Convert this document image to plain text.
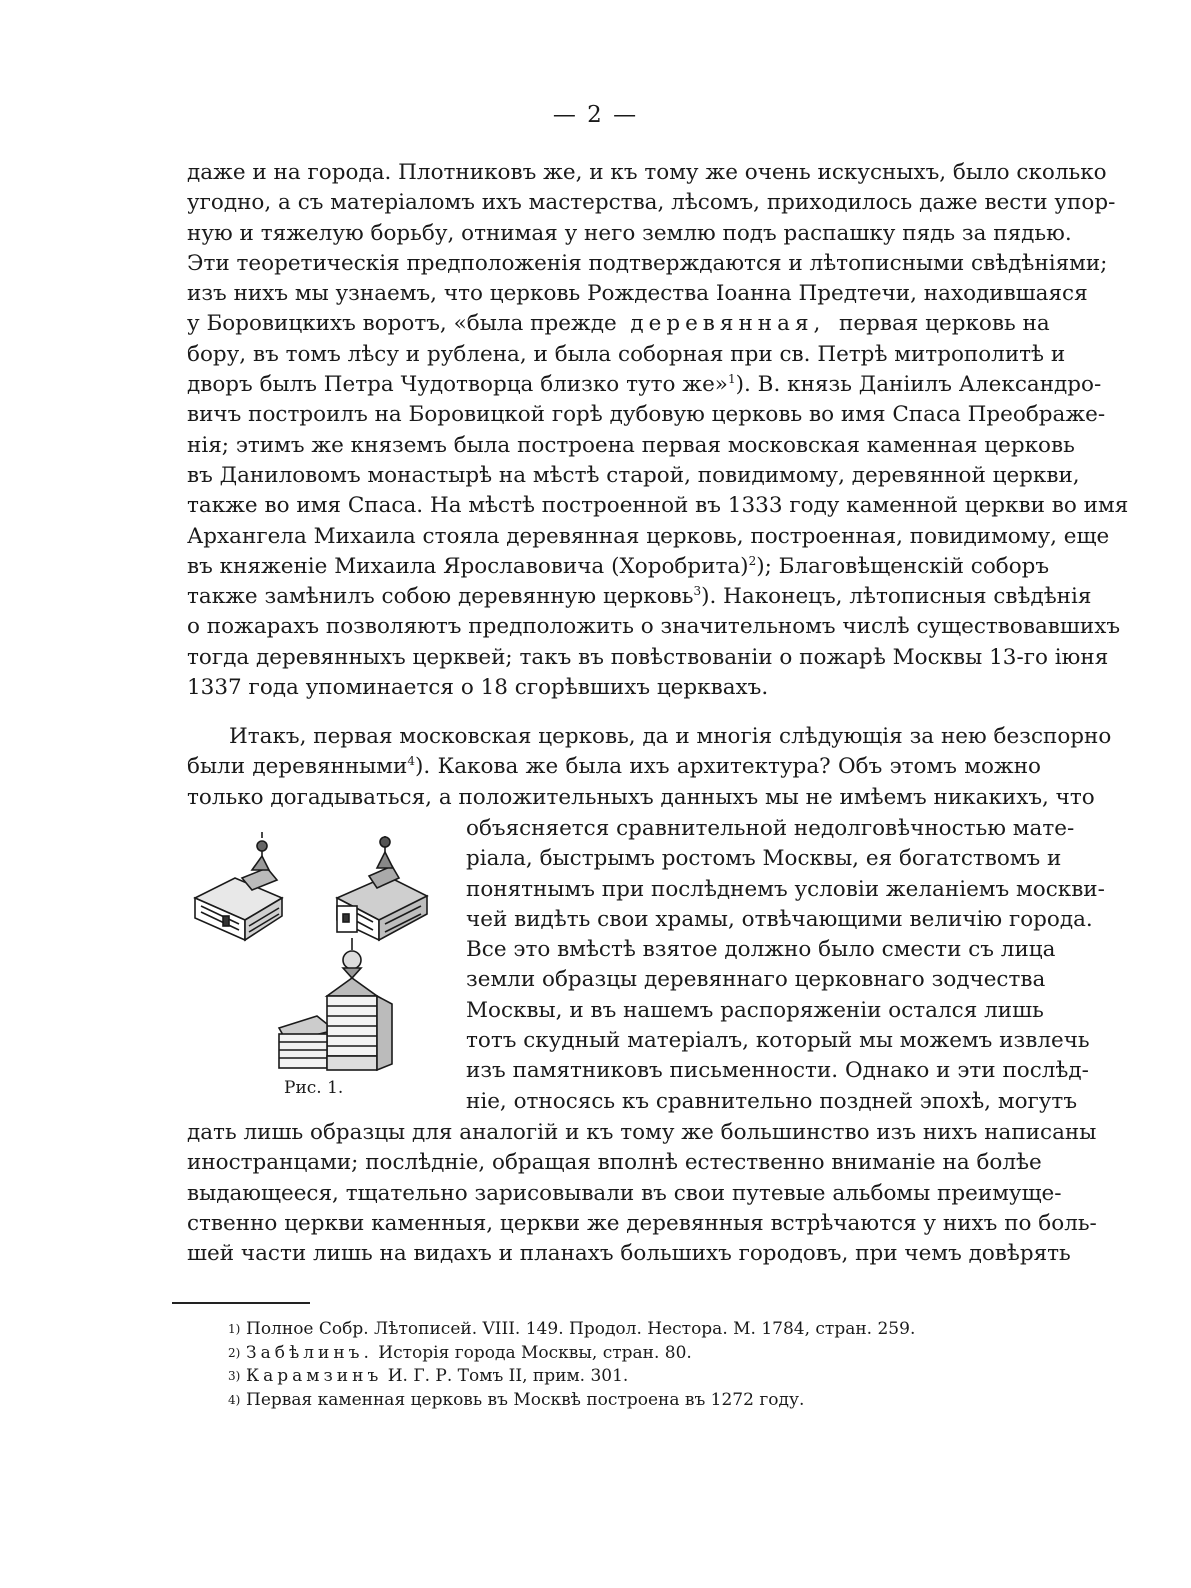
— 2 —
даже и на города. Плотниковъ же, и къ тому же очень искусныхъ, было сколько
угодно, а съ матеріаломъ ихъ мастерства, лѣсомъ, приходилось даже вести упор-
ную и тяжелую борьбу, отнимая у него землю подъ распашку пядь за пядью.
Эти теоретическія предположенія подтверждаются и лѣтописными свѣдѣніями;
изъ нихъ мы узнаемъ, что церковь Рождества Іоанна Предтечи, находившаяся
у Боровицкихъ воротъ, «была прежде деревянная, первая церковь на
бору, въ томъ лѣсу и рублена, и была соборная при св. Петрѣ митрополитѣ и
дворъ былъ Петра Чудотворца близко туто же»$^1$). В. князь Даніилъ Александро-
вичъ построилъ на Боровицкой горѣ дубовую церковь во имя Спаса Преображе-
нія; этимъ же княземъ была построена первая московская каменная церковь
въ Даниловомъ монастырѣ на мѣстѣ старой, повидимому, деревянной церкви,
также во имя Спаса. На мѣстѣ построенной въ 1333 году каменной церкви во имя
Архангела Михаила стояла деревянная церковь, построенная, повидимому, еще
въ княженіе Михаила Ярославовича (Хоробрита)$^2$); Благовѣщенскій соборъ
также замѣнилъ собою деревянную церковь$^3$). Наконецъ, лѣтописныя свѣдѣнія
о пожарахъ позволяютъ предположить о значительномъ числѣ существовавшихъ
тогда деревянныхъ церквей; такъ въ повѣствованіи о пожарѣ Москвы 13-го іюня
1337 года упоминается о 18 сгорѣвшихъ церквахъ.
Итакъ, первая московская церковь, да и многія слѣдующія за нею безспорно
были деревянными$^4$). Какова же была ихъ архитектура? Объ этомъ можно
только догадываться, а положительныхъ данныхъ мы не имѣемъ никакихъ, что
Рис. 1.
объясняется сравнительной недолговѣчностью мате-
ріала, быстрымъ ростомъ Москвы, ея богатствомъ и
понятнымъ при послѣднемъ условіи желаніемъ москви-
чей видѣть свои храмы, отвѣчающими величію города.
Все это вмѣстѣ взятое должно было смести съ лица
земли образцы деревяннаго церковнаго зодчества
Москвы, и въ нашемъ распоряженіи остался лишь
тотъ скудный матеріалъ, который мы можемъ извлечь
изъ памятниковъ письменности. Однако и эти послѣд-
ніе, относясь къ сравнительно поздней эпохѣ, могутъ
дать лишь образцы для аналогій и къ тому же большинство изъ нихъ написаны
иностранцами; послѣдніе, обращая вполнѣ естественно вниманіе на болѣе
выдающееся, тщательно зарисовывали въ свои путевые альбомы преимуще-
ственно церкви каменныя, церкви же деревянныя встрѣчаются у нихъ по боль-
шей части лишь на видахъ и планахъ большихъ городовъ, при чемъ довѣрять
1) Полное Собр. Лѣтописей. VIII. 149. Продол. Нестора. М. 1784, стран. 259.
2) Забѣлинъ. Исторія города Москвы, стран. 80.
3) Карамзинъ И. Г. Р. Томъ II, прим. 301.
4) Первая каменная церковь въ Москвѣ построена въ 1272 году.
